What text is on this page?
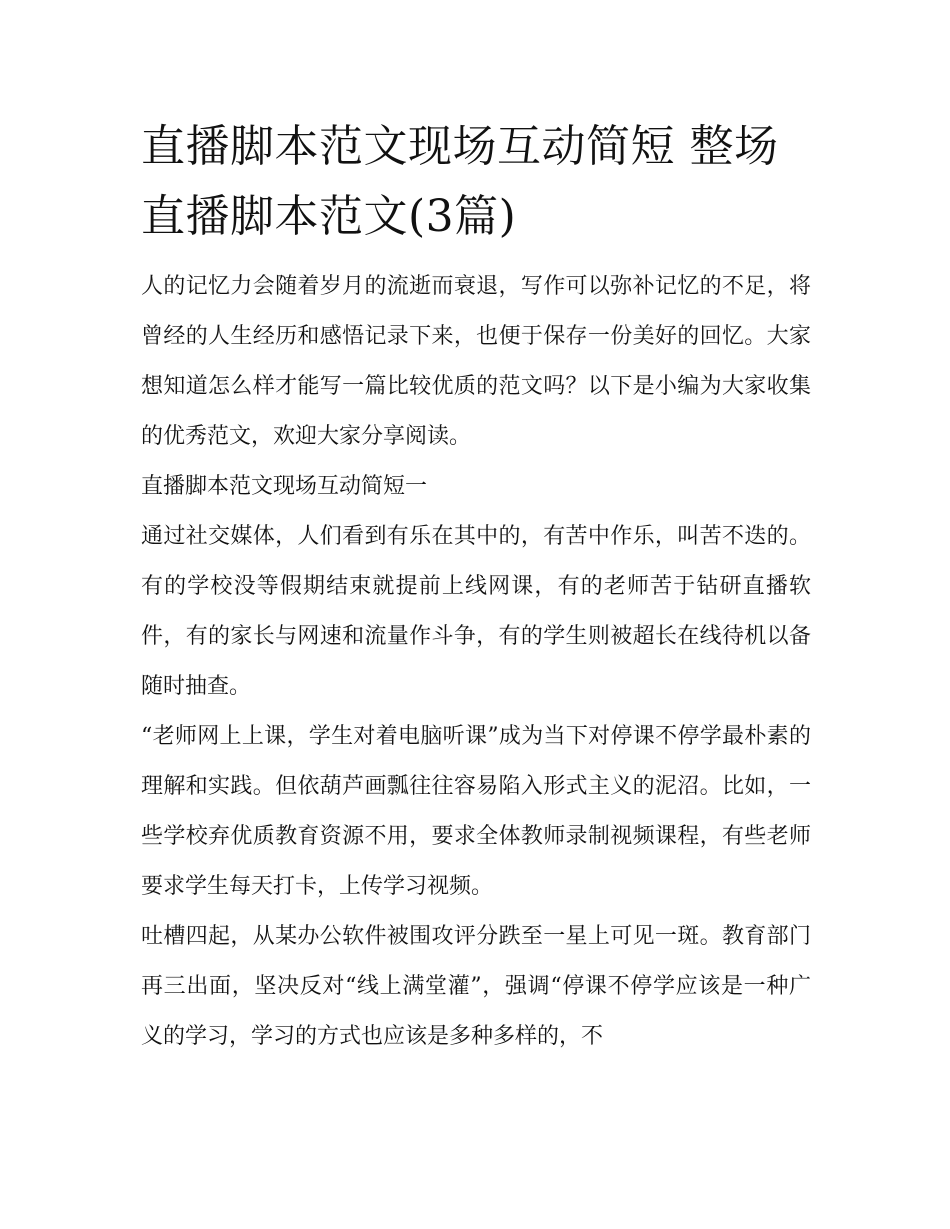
直播脚本范文现场互动简短 整场直播脚本范文(3篇)

人的记忆力会随着岁月的流逝而衰退，写作可以弥补记忆的不足，将曾经的人生经历和感悟记录下来，也便于保存一份美好的回忆。大家想知道怎么样才能写一篇比较优质的范文吗？以下是小编为大家收集的优秀范文，欢迎大家分享阅读。

直播脚本范文现场互动简短一

通过社交媒体，人们看到有乐在其中的，有苦中作乐，叫苦不迭的。有的学校没等假期结束就提前上线网课，有的老师苦于钻研直播软件，有的家长与网速和流量作斗争，有的学生则被超长在线待机以备随时抽查。

“老师网上上课，学生对着电脑听课”成为当下对停课不停学最朴素的理解和实践。但依葫芦画瓢往往容易陷入形式主义的泥沼。比如，一些学校弃优质教育资源不用，要求全体教师录制视频课程，有些老师要求学生每天打卡，上传学习视频。

吐槽四起，从某办公软件被围攻评分跌至一星上可见一斑。教育部门再三出面，坚决反对“线上满堂灌”，强调“停课不停学应该是一种广义的学习，学习的方式也应该是多种多样的，不
